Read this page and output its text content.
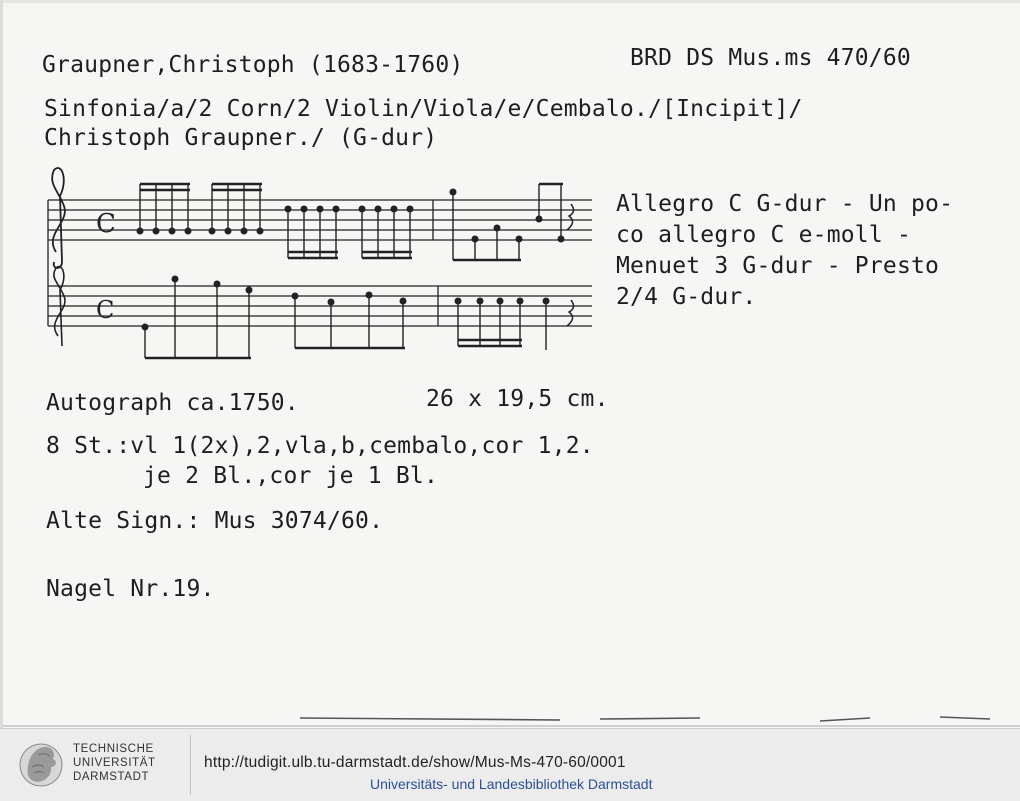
Graupner,Christoph (1683-1760)	BRD DS Mus.ms 470/60
Sinfonia/a/2 Corn/2 Violin/Viola/e/Cembalo./[Incipit]/
Christoph Graupner./ (G-dur)
C
C
Allegro C G-dur - Un po-
co allegro C e-moll -
Menuet 3 G-dur - Presto
2/4 G-dur.
Autograph ca.1750.	26 x 19,5 cm.
8 St.:vl 1(2x),2,vla,b,cembalo,cor 1,2.
je 2 Bl.,cor je 1 Bl.
Alte Sign.: Mus 3074/60.
Nagel Nr.19.
TECHNISCHE
UNIVERSITÄT
DARMSTADT
http://tudigit.ulb.tu-darmstadt.de/show/Mus-Ms-470-60/0001
Universitäts- und Landesbibliothek Darmstadt
